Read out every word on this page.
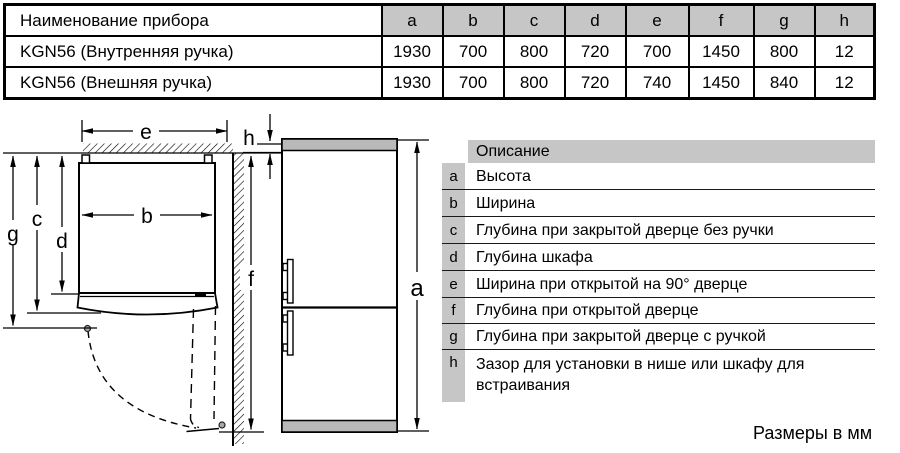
Наименование прибора	a	b	c	d	e	f	g	h
KGN56 (Внутренняя ручка)	1930	700	800	720	700	1450	800	12
KGN56 (Внешняя ручка)	1930	700	800	720	740	1450	840	12
e	h
b
g
c
d
f	a
Описание
a	Высота
b	Ширина
c	Глубина при закрытой дверце без ручки
d	Глубина шкафа
e	Ширина при открытой на 90° дверце
f	Глубина при открытой дверце
g	Глубина при закрытой дверце с ручкой
h	Зазор для установки в нише или шкафу для встраивания
Размеры в мм
